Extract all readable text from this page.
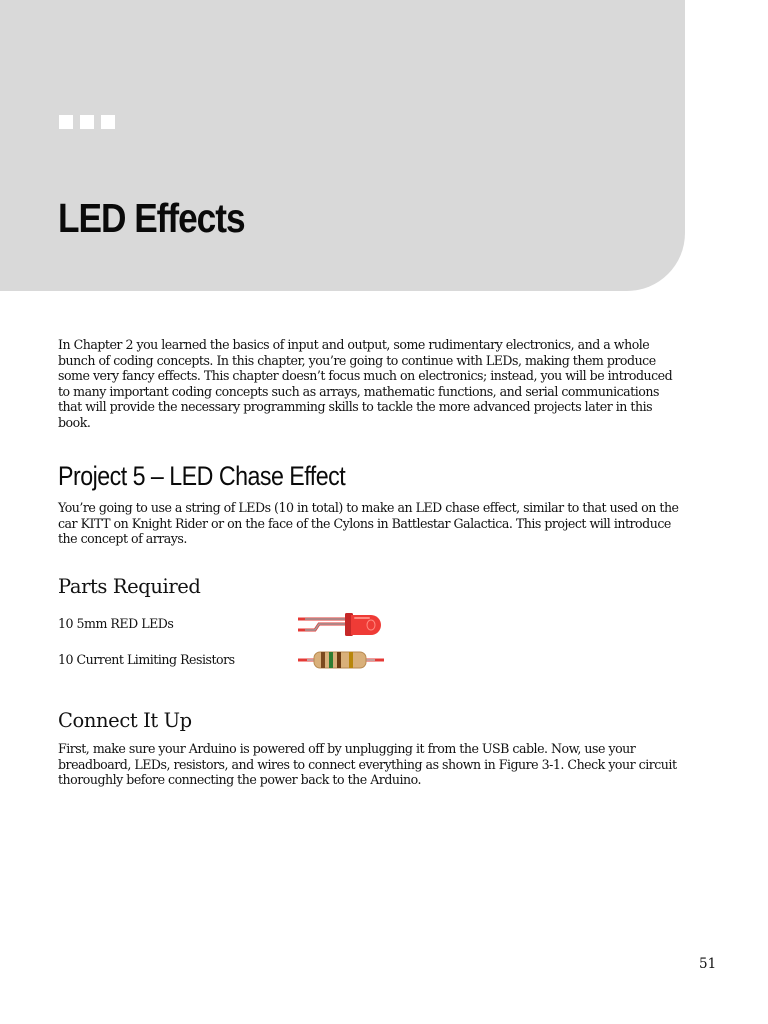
LED Effects

In Chapter 2 you learned the basics of input and output, some rudimentary electronics, and a whole bunch of coding concepts. In this chapter, you’re going to continue with LEDs, making them produce some very fancy effects. This chapter doesn’t focus much on electronics; instead, you will be introduced to many important coding concepts such as arrays, mathematic functions, and serial communications that will provide the necessary programming skills to tackle the more advanced projects later in this book.

Project 5 – LED Chase Effect

You’re going to use a string of LEDs (10 in total) to make an LED chase effect, similar to that used on the car KITT on Knight Rider or on the face of the Cylons in Battlestar Galactica. This project will introduce the concept of arrays.

Parts Required
10 5mm RED LEDs
10 Current Limiting Resistors
Connect It Up

First, make sure your Arduino is powered off by unplugging it from the USB cable. Now, use your breadboard, LEDs, resistors, and wires to connect everything as shown in Figure 3-1. Check your circuit thoroughly before connecting the power back to the Arduino.

51
